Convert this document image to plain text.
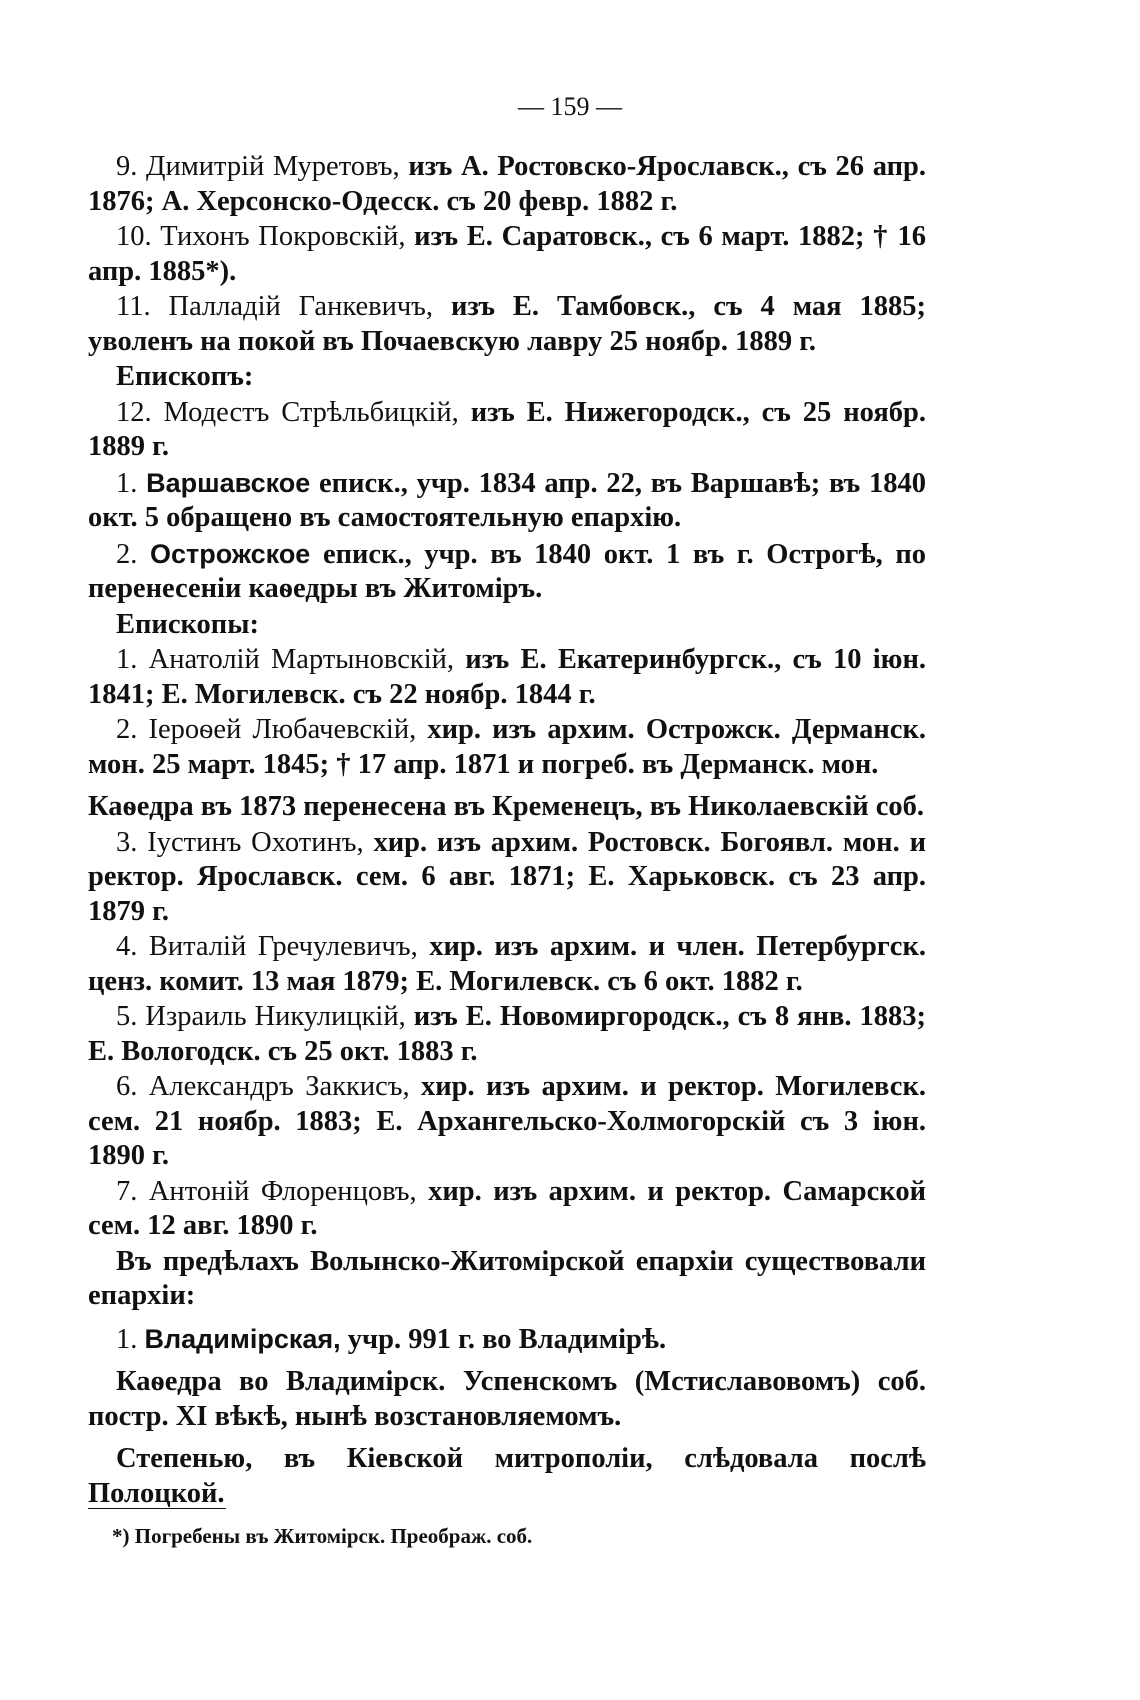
— 159 —

9. Димитрій Муретовъ, изъ А. Ростовско-Ярославск., съ 26 апр. 1876; А. Херсонско-Одесск. съ 20 февр. 1882 г.

10. Тихонъ Покровскій, изъ Е. Саратовск., съ 6 март. 1882; † 16 апр. 1885*).

11. Палладій Ганкевичъ, изъ Е. Тамбовск., съ 4 мая 1885; уволенъ на покой въ Почаевскую лавру 25 ноябр. 1889 г.

Епископъ:

12. Модестъ Стрѣльбицкій, изъ Е. Нижегородск., съ 25 ноябр. 1889 г.

1. Варшавское еписк., учр. 1834 апр. 22, въ Варшавѣ; въ 1840 окт. 5 обращено въ самостоятельную епархію.

2. Острожское еписк., учр. въ 1840 окт. 1 въ г. Острогѣ, по перенесеніи каѳедры въ Житоміръ.

Епископы:

1. Анатолій Мартыновскій, изъ Е. Екатеринбургск., съ 10 іюн. 1841; Е. Могилевск. съ 22 ноябр. 1844 г.

2. Іероѳей Любачевскій, хир. изъ архим. Острожск. Дерманск. мон. 25 март. 1845; † 17 апр. 1871 и погреб. въ Дерманск. мон.

Каѳедра въ 1873 перенесена въ Кременецъ, въ Николаевскій соб.

3. Іустинъ Охотинъ, хир. изъ архим. Ростовск. Богоявл. мон. и ректор. Ярославск. сем. 6 авг. 1871; Е. Харьковск. съ 23 апр. 1879 г.

4. Виталій Гречулевичъ, хир. изъ архим. и член. Петербургск. ценз. комит. 13 мая 1879; Е. Могилевск. съ 6 окт. 1882 г.

5. Израиль Никулицкій, изъ Е. Новомиргородск., съ 8 янв. 1883; Е. Вологодск. съ 25 окт. 1883 г.

6. Александръ Заккисъ, хир. изъ архим. и ректор. Могилевск. сем. 21 ноябр. 1883; Е. Архангельско-Холмогорскій съ 3 іюн. 1890 г.

7. Антоній Флоренцовъ, хир. изъ архим. и ректор. Самарской сем. 12 авг. 1890 г.

Въ предѣлахъ Волынско-Житомірской епархіи существовали епархіи:

1. Владимірская, учр. 991 г. во Владимірѣ.

Каѳедра во Владимірск. Успенскомъ (Мстиславовомъ) соб. постр. XI вѣкѣ, нынѣ возстановляемомъ.

Степенью, въ Кіевской митрополіи, слѣдовала послѣ Полоцкой.

*) Погребены въ Житомірск. Преображ. соб.
